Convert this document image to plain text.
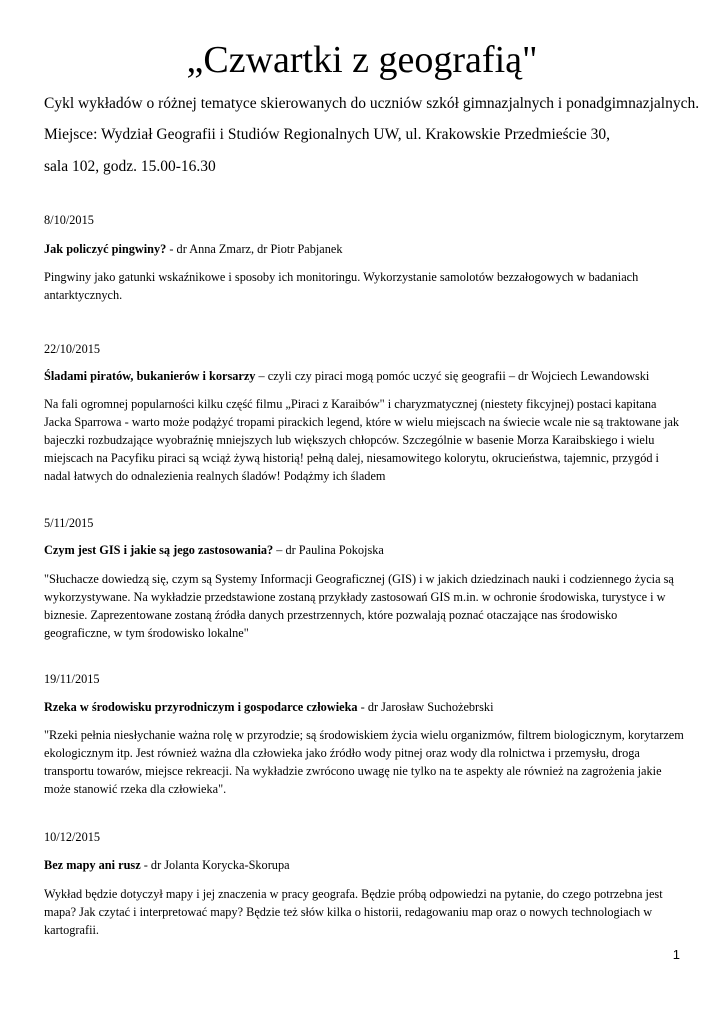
„Czwartki z geografią"
Cykl wykładów o różnej tematyce skierowanych do uczniów szkół gimnazjalnych i ponadgimnazjalnych.
Miejsce: Wydział Geografii i Studiów Regionalnych UW, ul. Krakowskie Przedmieście 30,
sala 102, godz. 15.00-16.30
8/10/2015
Jak policzyć pingwiny? - dr Anna Zmarz, dr Piotr Pabjanek
Pingwiny jako gatunki wskaźnikowe i sposoby ich monitoringu. Wykorzystanie samolotów bezzałogowych w badaniach antarktycznych.
22/10/2015
Śladami piratów, bukanierów i korsarzy – czyli czy piraci mogą pomóc uczyć się geografii – dr Wojciech Lewandowski
Na fali ogromnej popularności kilku część filmu „Piraci z Karaibów" i charyzmatycznej (niestety fikcyjnej) postaci kapitana Jacka Sparrowa - warto może podążyć tropami pirackich legend, które w wielu miejscach na świecie wcale nie są traktowane jak bajeczki rozbudzające wyobraźnię mniejszych lub większych chłopców. Szczególnie w basenie Morza Karaibskiego i wielu miejscach na Pacyfiku piraci są wciąż żywą historią! pełną dalej, niesamowitego kolorytu, okrucieństwa, tajemnic, przygód i nadal łatwych do odnalezienia realnych śladów! Podążmy ich śladem
5/11/2015
Czym jest GIS i jakie są jego zastosowania? – dr Paulina Pokojska
"Słuchacze dowiedzą się, czym są Systemy Informacji Geograficznej (GIS) i w jakich dziedzinach nauki i codziennego życia są wykorzystywane. Na wykładzie przedstawione zostaną przykłady zastosowań GIS m.in. w ochronie środowiska, turystyce i w biznesie. Zaprezentowane zostaną źródła danych przestrzennych, które pozwalają poznać otaczające nas środowisko geograficzne, w tym środowisko lokalne"
19/11/2015
Rzeka w środowisku przyrodniczym i gospodarce człowieka - dr Jarosław Suchożebrski
"Rzeki pełnia niesłychanie ważna rolę w przyrodzie; są środowiskiem życia wielu organizmów, filtrem biologicznym, korytarzem ekologicznym itp. Jest również ważna dla człowieka jako źródło wody pitnej oraz wody dla rolnictwa i przemysłu, droga transportu towarów, miejsce rekreacji. Na wykładzie zwrócono uwagę nie tylko na te aspekty ale również na zagrożenia jakie może stanowić rzeka dla człowieka".
10/12/2015
Bez mapy ani rusz - dr Jolanta Korycka-Skorupa
Wykład będzie dotyczył mapy i jej znaczenia w pracy geografa. Będzie próbą odpowiedzi na pytanie, do czego potrzebna jest mapa? Jak czytać i interpretować mapy? Będzie też słów kilka o historii, redagowaniu map oraz o nowych technologiach w kartografii.
1
